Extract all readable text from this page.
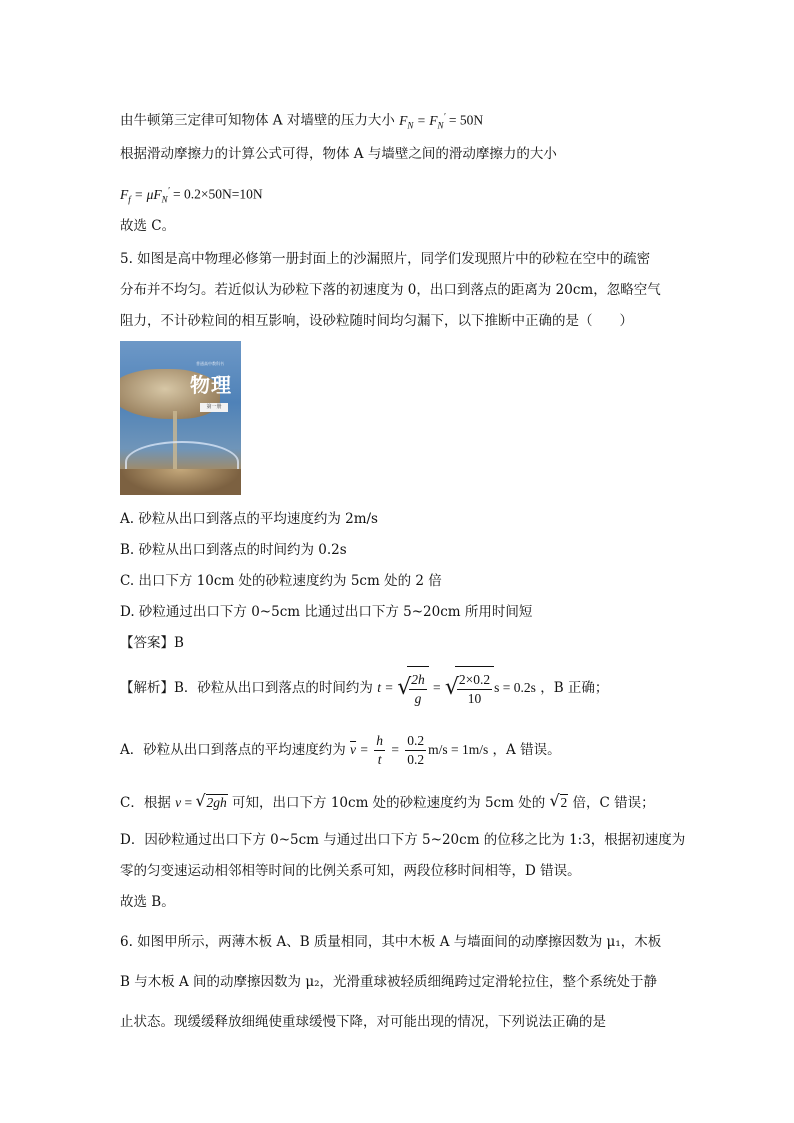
由牛顿第三定律可知物体 A 对墙壁的压力大小 $F_N = F_N' = 50N$
根据滑动摩擦力的计算公式可得，物体 A 与墙壁之间的滑动摩擦力的大小
$F_f = \mu F_N' = 0.2\times 50N=10N$
故选 C。
5. 如图是高中物理必修第一册封面上的沙漏照片，同学们发现照片中的砂粒在空中的疏密
分布并不均匀。若近似认为砂粒下落的初速度为 0，出口到落点的距离为 20cm，忽略空气
阻力，不计砂粒间的相互影响，设砂粒随时间均匀漏下，以下推断中正确的是（　　）
普通高中教科书
物理
第一册
A. 砂粒从出口到落点的平均速度约为 2m/s
B. 砂粒从出口到落点的时间约为 0.2s
C. 出口下方 10cm 处的砂粒速度约为 5cm 处的 2 倍
D. 砂粒通过出口下方 0~5cm 比通过出口下方 5~20cm 所用时间短
【答案】B
【解析】B．砂粒从出口到落点的时间约为 t = √ $\frac{2h}{g}$ = √ $\frac{2\times 0.2}{10}$ s = 0.2s ，B 正确；
A．砂粒从出口到落点的平均速度约为 $\overline{v} = \frac{h}{t} = \frac{0.2}{0.2} m/s = 1m/s$ ，A 错误。
C．根据 v = √ 2gh 可知，出口下方 10cm 处的砂粒速度约为 5cm 处的 √ 2 倍，C 错误；
D．因砂粒通过出口下方 0~5cm 与通过出口下方 5~20cm 的位移之比为 1:3，根据初速度为
零的匀变速运动相邻相等时间的比例关系可知，两段位移时间相等，D 错误。
故选 B。
6. 如图甲所示，两薄木板 A、B 质量相同，其中木板 A 与墙面间的动摩擦因数为 μ₁，木板
B 与木板 A 间的动摩擦因数为 μ₂，光滑重球被轻质细绳跨过定滑轮拉住，整个系统处于静
止状态。现缓缓释放细绳使重球缓慢下降，对可能出现的情况，下列说法正确的是
